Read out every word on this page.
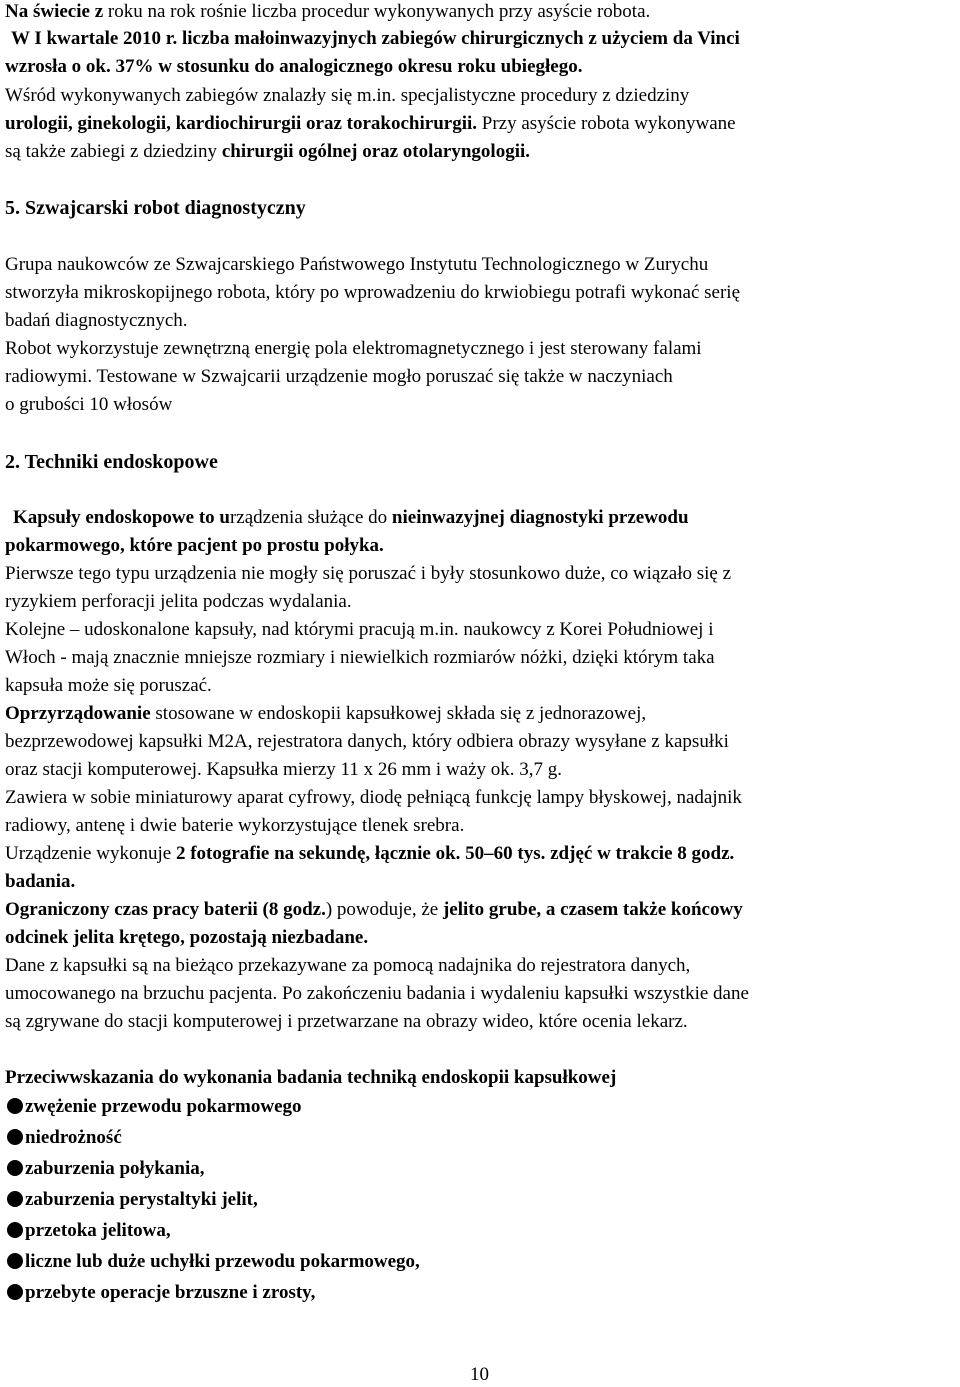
Na świecie z roku na rok rośnie liczba procedur wykonywanych przy asyście robota.
W I kwartale 2010 r. liczba małoinwazyjnych zabiegów chirurgicznych z użyciem da Vinci
wzrosła o ok. 37% w stosunku do analogicznego okresu roku ubiegłego.
Wśród wykonywanych zabiegów znalazły się m.in. specjalistyczne procedury z dziedziny
urologii, ginekologii, kardiochirurgii oraz torakochirurgii. Przy asyście robota wykonywane
są także zabiegi z dziedziny chirurgii ogólnej oraz otolaryngologii.
5. Szwajcarski robot diagnostyczny
Grupa naukowców ze Szwajcarskiego Państwowego Instytutu Technologicznego w Zurychu
stworzyła mikroskopijnego robota, który po wprowadzeniu do krwiobiegu potrafi wykonać serię
badań diagnostycznych.
Robot wykorzystuje zewnętrzną energię pola elektromagnetycznego i jest sterowany falami
radiowymi. Testowane w Szwajcarii urządzenie mogło poruszać się także w naczyniach
o grubości 10 włosów
2. Techniki endoskopowe
Kapsuły endoskopowe to urządzenia służące do nieinwazyjnej diagnostyki przewodu
pokarmowego, które pacjent po prostu połyka.
Pierwsze tego typu urządzenia nie mogły się poruszać i były stosunkowo duże, co wiązało się z
ryzykiem perforacji jelita podczas wydalania.
Kolejne – udoskonalone kapsuły, nad którymi pracują m.in. naukowcy z Korei Południowej i
Włoch - mają znacznie mniejsze rozmiary i niewielkich rozmiarów nóżki, dzięki którym taka
kapsuła może się poruszać.
Oprzyrządowanie stosowane w endoskopii kapsułkowej składa się z jednorazowej,
bezprzewodowej kapsułki M2A, rejestratora danych, który odbiera obrazy wysyłane z kapsułki
oraz stacji komputerowej. Kapsułka mierzy 11 x 26 mm i waży ok. 3,7 g.
Zawiera w sobie miniaturowy aparat cyfrowy, diodę pełniącą funkcję lampy błyskowej, nadajnik
radiowy, antenę i dwie baterie wykorzystujące tlenek srebra.
Urządzenie wykonuje 2 fotografie na sekundę, łącznie ok. 50–60 tys. zdjęć w trakcie 8 godz.
badania.
Ograniczony czas pracy baterii (8 godz.) powoduje, że jelito grube, a czasem także końcowy
odcinek jelita krętego, pozostają niezbadane.
Dane z kapsułki są na bieżąco przekazywane za pomocą nadajnika do rejestratora danych,
umocowanego na brzuchu pacjenta. Po zakończeniu badania i wydaleniu kapsułki wszystkie dane
są zgrywane do stacji komputerowej i przetwarzane na obrazy wideo, które ocenia lekarz.
Przeciwwskazania do wykonania badania techniką endoskopii kapsułkowej
zwężenie przewodu pokarmowego
niedrożność
zaburzenia połykania,
zaburzenia perystaltyki jelit,
przetoka jelitowa,
liczne lub duże uchyłki przewodu pokarmowego,
przebyte operacje brzuszne i zrosty,
10
